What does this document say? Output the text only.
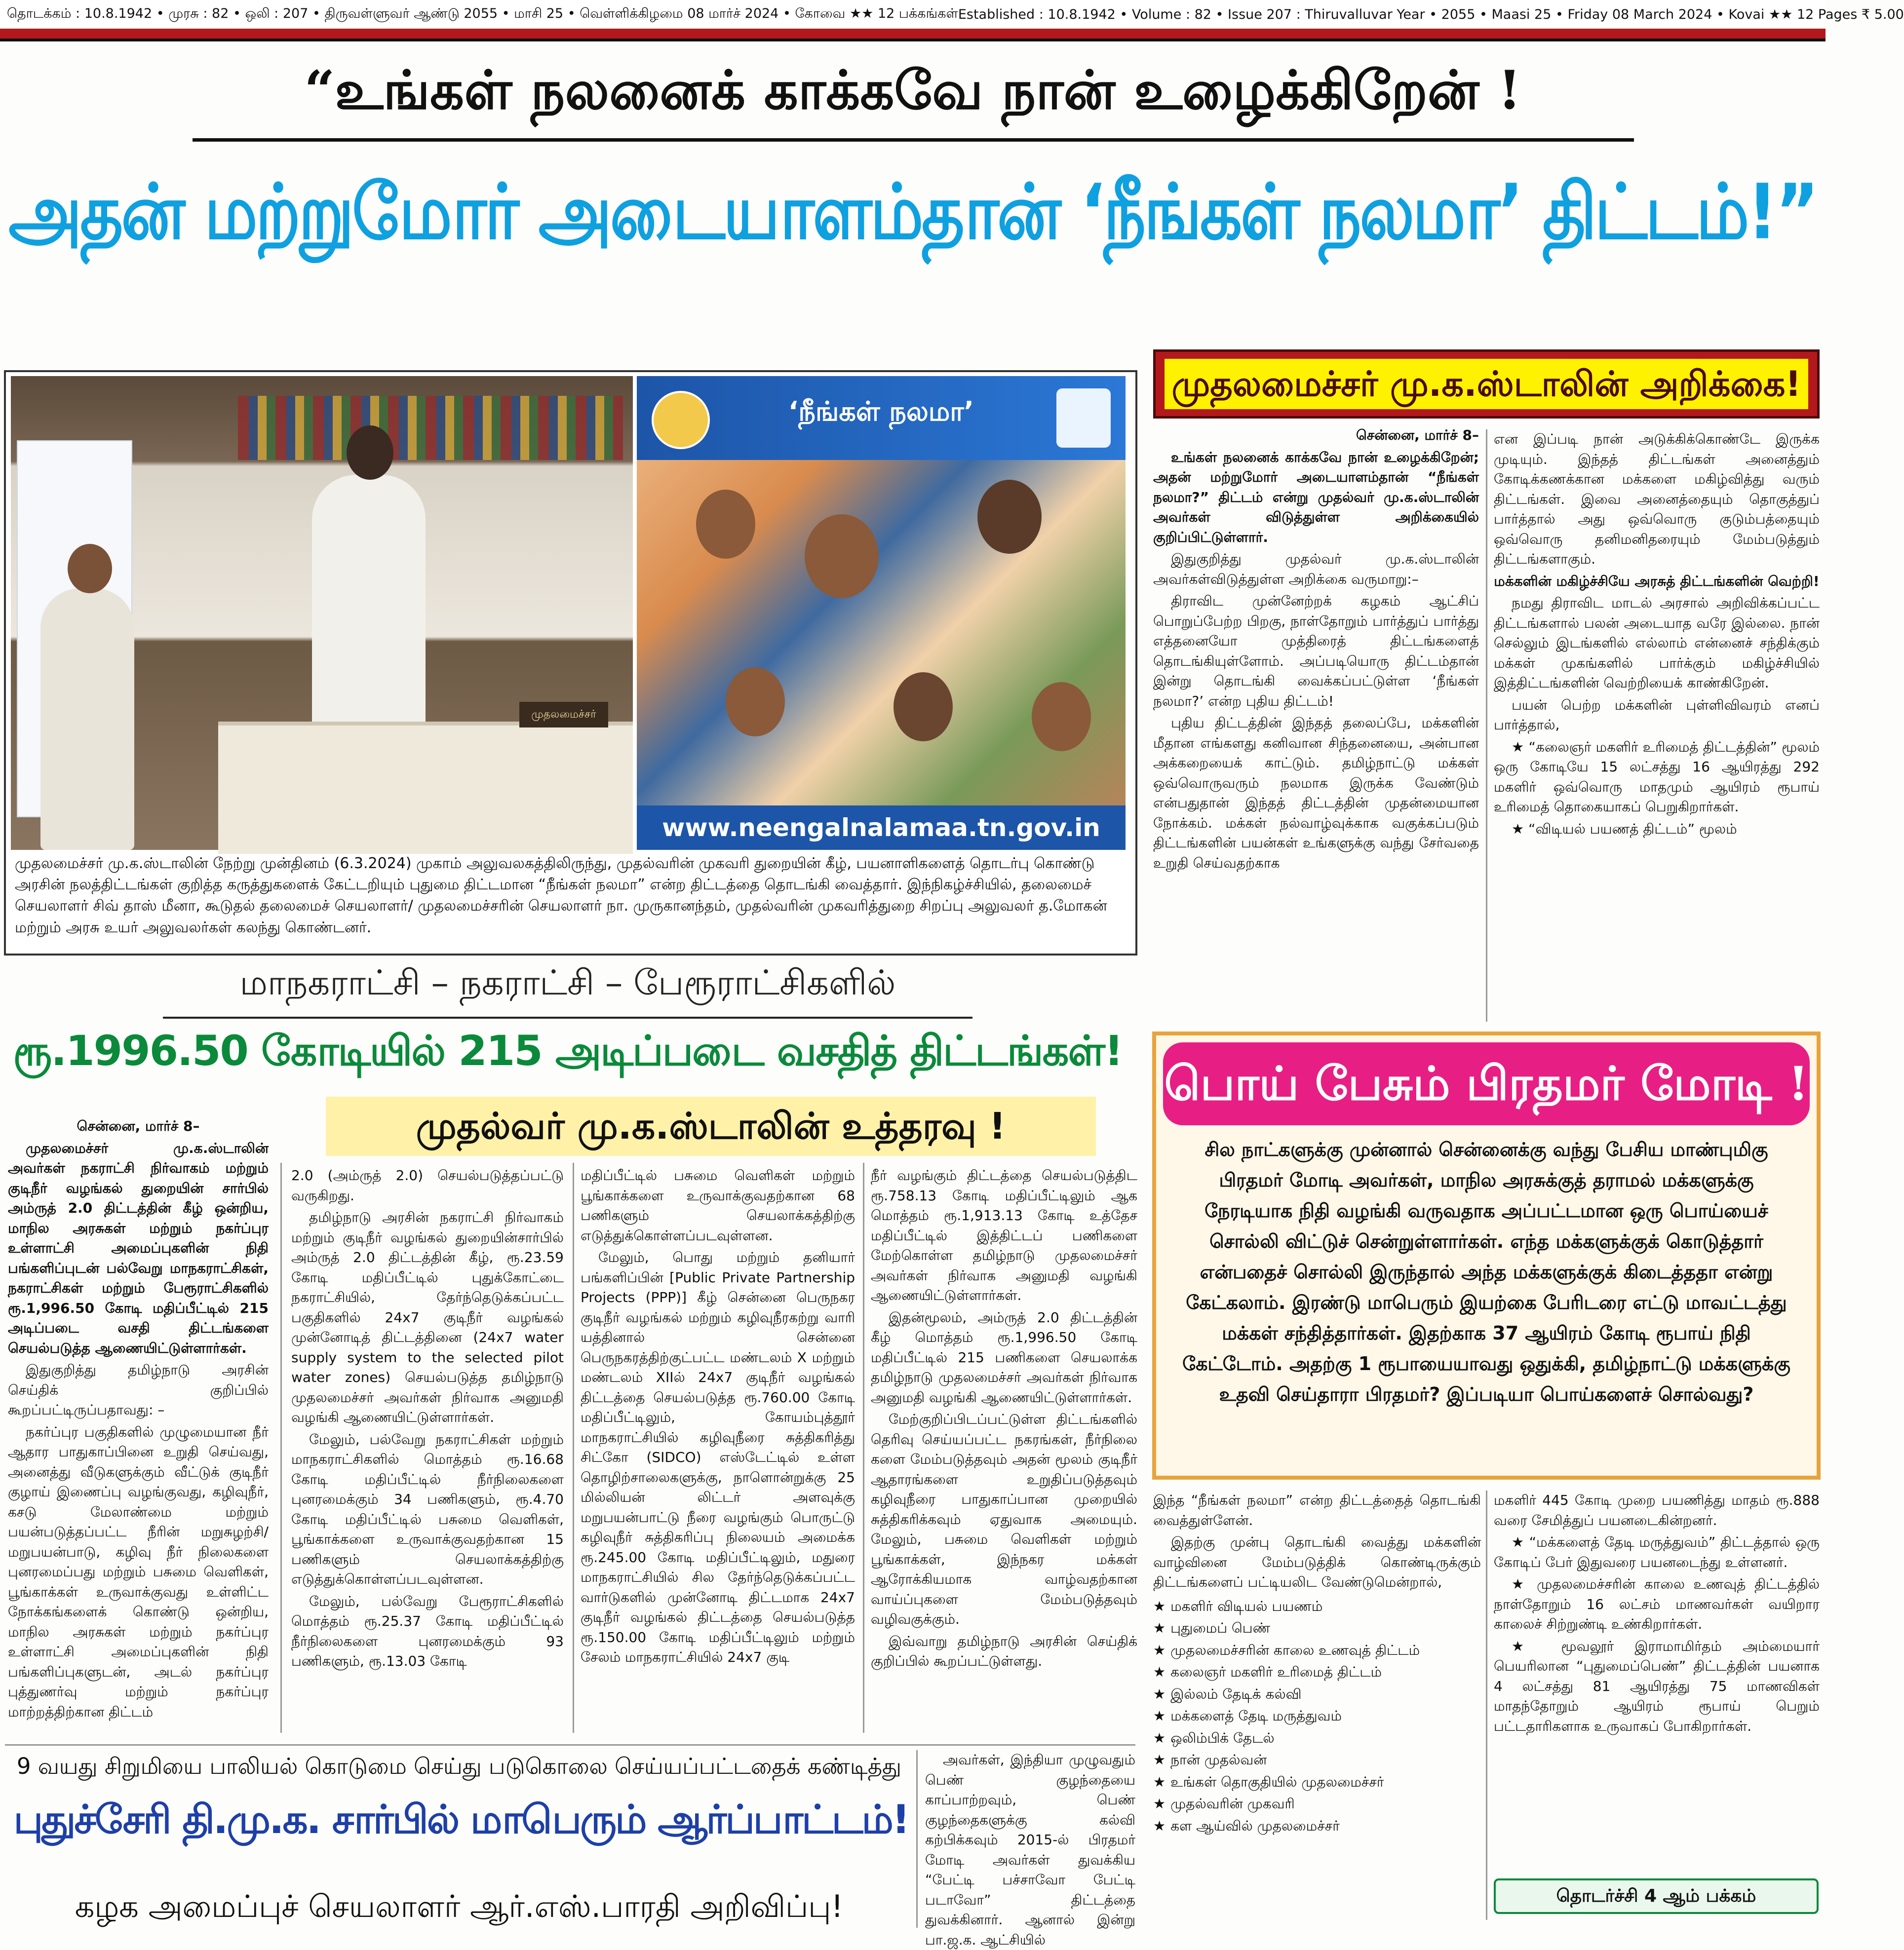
தொடக்கம் : 10.8.1942 • முரசு : 82 • ஒலி : 207 • திருவள்ளுவர் ஆண்டு 2055 • மாசி 25 • வெள்ளிக்கிழமை 08 மார்ச் 2024 • கோவை ★★ 12 பக்கங்கள் Established : 10.8.1942 • Volume : 82 • Issue 207 : Thiruvalluvar Year • 2055 • Maasi 25 • Friday 08 March 2024 • Kovai ★★ 12 Pages ₹ 5.00
“உங்கள் நலனைக் காக்கவே நான் உழைக்கிறேன் !
அதன் மற்றுமோர் அடையாளம்தான் ‘நீங்கள் நலமா’ திட்டம்!”
முதலமைச்சர்
‘நீங்கள் நலமா’
www.neengalnalamaa.tn.gov.in

முதலமைச்சர் மு.க.ஸ்டாலின் நேற்று முன்தினம் (6.3.2024) முகாம் அலுவலகத்திலிருந்து, முதல்வரின் முகவரி துறையின் கீழ், பயனாளிகளைத் தொடர்பு கொண்டு அரசின் நலத்திட்டங்கள் குறித்த கருத்துகளைக் கேட்டறியும் புதுமை திட்டமான “நீங்கள் நலமா” என்ற திட்டத்தை தொடங்கி வைத்தார். இந்நிகழ்ச்சியில், தலைமைச் செயலாளர் சிவ் தாஸ் மீனா, கூடுதல் தலைமைச் செயலாளர்/ முதலமைச்சரின் செயலாளர் நா. முருகானந்தம், முதல்வரின் முகவரித்துறை சிறப்பு அலுவலர் த.மோகன் மற்றும் அரசு உயர் அலுவலர்கள் கலந்து கொண்டனர்.

மாநகராட்சி – நகராட்சி – பேரூராட்சிகளில்
ரூ.1996.50 கோடியில் 215 அடிப்படை வசதித் திட்டங்கள்!
முதல்வர் மு.க.ஸ்டாலின் உத்தரவு !

சென்னை, மார்ச் 8–

முதலமைச்சர் மு.க.ஸ்டாலின் அவர்கள் நகராட்சி நிர்வாகம் மற்றும் குடிநீர் வழங்கல் துறையின் சார்பில் அம்ருத் 2.0 திட்டத்தின் கீழ் ஒன்றிய, மாநில அரசுகள் மற்றும் நகர்ப்புர உள்ளாட்சி அமைப்புகளின் நிதி பங்களிப்புடன் பல்வேறு மாநகராட்சிகள், நகராட்சிகள் மற்றும் பேரூராட்சிகளில் ரூ.1,996.50 கோடி மதிப்பீட்டில் 215 அடிப்படை வசதி திட்டங்களை செயல்படுத்த ஆணையிட்டுள்ளார்கள்.

இதுகுறித்து தமிழ்நாடு அரசின் செய்திக் குறிப்பில் கூறப்பட்டிருப்பதாவது: –

நகர்ப்புர பகுதிகளில் முழுமையான நீர் ஆதார பாதுகாப்பினை உறுதி செய்வது, அனைத்து வீடுகளுக்கும் வீட்டுக் குடிநீர் குழாய் இணைப்பு வழங்குவது, கழிவுநீர், கசடு மேலாண்மை மற்றும் பயன்படுத்தப்பட்ட நீரின் மறுசுழற்சி/மறுபயன்பாடு, கழிவு நீர் நிலைகளை புனரமைப்பது மற்றும் பசுமை வெளிகள், பூங்காக்கள் உருவாக்குவது உள்ளிட்ட நோக்கங்களைக் கொண்டு ஒன்றிய, மாநில அரசுகள் மற்றும் நகர்ப்புர உள்ளாட்சி அமைப்புகளின் நிதி பங்களிப்புகளுடன், அடல் நகர்ப்புர புத்துணர்வு மற்றும் நகர்ப்புர மாற்றத்திற்கான திட்டம்

2.0 (அம்ருத் 2.0) செயல்படுத்தப்பட்டு வருகிறது.

தமிழ்நாடு அரசின் நகராட்சி நிர்வாகம் மற்றும் குடிநீர் வழங்கல் துறையின்சார்பில் அம்ருத் 2.0 திட்டத்தின் கீழ், ரூ.23.59 கோடி மதிப்பீட்டில் புதுக்கோட்டை நகராட்சியில், தேர்ந்தெடுக்கப்பட்ட பகுதிகளில் 24x7 குடிநீர் வழங்கல் முன்னோடித் திட்டத்தினை (24x7 water supply system to the selected pilot water zones) செயல்படுத்த தமிழ்நாடு முதலமைச்சர் அவர்கள் நிர்வாக அனுமதி வழங்கி ஆணையிட்டுள்ளார்கள்.

மேலும், பல்வேறு நகராட்சிகள் மற்றும் மாநகராட்சிகளில் மொத்தம் ரூ.16.68 கோடி மதிப்பீட்டில் நீர்நிலைகளை புனரமைக்கும் 34 பணிகளும், ரூ.4.70 கோடி மதிப்பீட்டில் பசுமை வெளிகள், பூங்காக்களை உருவாக்குவதற்கான 15 பணிகளும் செயலாக்கத்திற்கு எடுத்துக்கொள்ளப்படவுள்ளன.

மேலும், பல்வேறு பேரூராட்சிகளில் மொத்தம் ரூ.25.37 கோடி மதிப்பீட்டில் நீர்நிலைகளை புனரமைக்கும் 93 பணிகளும், ரூ.13.03 கோடி

மதிப்பீட்டில் பசுமை வெளிகள் மற்றும் பூங்காக்களை உருவாக்குவதற்கான 68 பணிகளும் செயலாக்கத்திற்கு எடுத்துக்கொள்ளப்படவுள்ளன.

மேலும், பொது மற்றும் தனியார் பங்களிப்பின் [Public Private Partnership Projects (PPP)] கீழ் சென்னை பெருநகர குடிநீர் வழங்கல் மற்றும் கழிவுநீரகற்று வாரி யத்தினால் சென்னை பெருநகரத்திற்குட்பட்ட மண்டலம் X மற்றும் மண்டலம் XIIல் 24x7 குடிநீர் வழங்கல் திட்டத்தை செயல்படுத்த ரூ.760.00 கோடி மதிப்பீட்டிலும், கோயம்புத்தூர் மாநகராட்சியில் கழிவுநீரை சுத்திகரித்து சிட்கோ (SIDCO) எஸ்டேட்டில் உள்ள தொழிற்சாலைகளுக்கு, நாளொன்றுக்கு 25 மில்லியன் லிட்டர் அளவுக்கு மறுபயன்பாட்டு நீரை வழங்கும் பொருட்டு கழிவுநீர் சுத்திகரிப்பு நிலையம் அமைக்க ரூ.245.00 கோடி மதிப்பீட்டிலும், மதுரை மாநகராட்சியில் சில தேர்ந்தெடுக்கப்பட்ட வார்டுகளில் முன்னோடி திட்டமாக 24x7 குடிநீர் வழங்கல் திட்டத்தை செயல்படுத்த ரூ.150.00 கோடி மதிப்பீட்டிலும் மற்றும் சேலம் மாநகராட்சியில் 24x7 குடி

நீர் வழங்கும் திட்டத்தை செயல்படுத்திட ரூ.758.13 கோடி மதிப்பீட்டிலும் ஆக மொத்தம் ரூ.1,913.13 கோடி உத்தேச மதிப்பீட்டில் இத்திட்டப் பணிகளை மேற்கொள்ள தமிழ்நாடு முதலமைச்சர் அவர்கள் நிர்வாக அனுமதி வழங்கி ஆணையிட்டுள்ளார்கள்.

இதன்மூலம், அம்ருத் 2.0 திட்டத்தின் கீழ் மொத்தம் ரூ.1,996.50 கோடி மதிப்பீட்டில் 215 பணிகளை செயலாக்க தமிழ்நாடு முதலமைச்சர் அவர்கள் நிர்வாக அனுமதி வழங்கி ஆணையிட்டுள்ளார்கள்.

மேற்குறிப்பிடப்பட்டுள்ள திட்டங்களில் தெரிவு செய்யப்பட்ட நகரங்கள், நீர்நிலை களை மேம்படுத்தவும் அதன் மூலம் குடிநீர் ஆதாரங்களை உறுதிப்படுத்தவும் கழிவுநீரை பாதுகாப்பான முறையில் சுத்திகரிக்கவும் ஏதுவாக அமையும். மேலும், பசுமை வெளிகள் மற்றும் பூங்காக்கள், இந்நகர மக்கள் ஆரோக்கியமாக வாழ்வதற்கான வாய்ப்புகளை மேம்படுத்தவும் வழிவகுக்கும்.

இவ்வாறு தமிழ்நாடு அரசின் செய்திக் குறிப்பில் கூறப்பட்டுள்ளது.

முதலமைச்சர் மு.க.ஸ்டாலின் அறிக்கை!

சென்னை, மார்ச் 8–

உங்கள் நலனைக் காக்கவே நான் உழைக்கிறேன்; அதன் மற்றுமோர் அடையாளம்தான் “நீங்கள் நலமா?” திட்டம் என்று முதல்வர் மு.க.ஸ்டாலின் அவர்கள் விடுத்துள்ள அறிக்கையில் குறிப்பிட்டுள்ளார்.

இதுகுறித்து முதல்வர் மு.க.ஸ்டாலின் அவர்கள்விடுத்துள்ள அறிக்கை வருமாறு:–

திராவிட முன்னேற்றக் கழகம் ஆட்சிப் பொறுப்பேற்ற பிறகு, நாள்தோறும் பார்த்துப் பார்த்து எத்தனையோ முத்திரைத் திட்டங்களைத் தொடங்கியுள்ளோம். அப்படியொரு திட்டம்தான் இன்று தொடங்கி வைக்கப்பட்டுள்ள ‘நீங்கள் நலமா?’ என்ற புதிய திட்டம்!

புதிய திட்டத்தின் இந்தத் தலைப்பே, மக்களின் மீதான எங்களது கனிவான சிந்தனையை, அன்பான அக்கறையைக் காட்டும். தமிழ்நாட்டு மக்கள் ஒவ்வொருவரும் நலமாக இருக்க வேண்டும் என்பதுதான் இந்தத் திட்டத்தின் முதன்மையான நோக்கம். மக்கள் நல்வாழ்வுக்காக வகுக்கப்படும் திட்டங்களின் பயன்கள் உங்களுக்கு வந்து சேர்வதை உறுதி செய்வதற்காக

என இப்படி நான் அடுக்கிக்கொண்டே இருக்க முடியும். இந்தத் திட்டங்கள் அனைத்தும் கோடிக்கணக்கான மக்களை மகிழ்வித்து வரும் திட்டங்கள். இவை அனைத்தையும் தொகுத்துப் பார்த்தால் அது ஒவ்வொரு குடும்பத்தையும் ஒவ்வொரு தனிமனிதரையும் மேம்படுத்தும் திட்டங்களாகும்.

மக்களின் மகிழ்ச்சியே அரசுத் திட்டங்களின் வெற்றி!

நமது திராவிட மாடல் அரசால் அறிவிக்கப்பட்ட திட்டங்களால் பலன் அடையாத வரே இல்லை. நான் செல்லும் இடங்களில் எல்லாம் என்னைச் சந்திக்கும் மக்கள் முகங்களில் பார்க்கும் மகிழ்ச்சியில் இத்திட்டங்களின் வெற்றியைக் காண்கிறேன்.

பயன் பெற்ற மக்களின் புள்ளிவிவரம் எனப் பார்த்தால்,

★ “கலைஞர் மகளிர் உரிமைத் திட்டத்தின்” மூலம் ஒரு கோடியே 15 லட்சத்து 16 ஆயிரத்து 292 மகளிர் ஒவ்வொரு மாதமும் ஆயிரம் ரூபாய் உரிமைத் தொகையாகப் பெறுகிறார்கள்.

★ “விடியல் பயணத் திட்டம்” மூலம்

பொய் பேசும் பிரதமர் மோடி !

சில நாட்களுக்கு முன்னால் சென்னைக்கு வந்து பேசிய மாண்புமிகு பிரதமர் மோடி அவர்கள், மாநில அரசுக்குத் தராமல் மக்களுக்கு நேரடியாக நிதி வழங்கி வருவதாக அப்பட்டமான ஒரு பொய்யைச் சொல்லி விட்டுச் சென்றுள்ளார்கள். எந்த மக்களுக்குக் கொடுத்தார் என்பதைச் சொல்லி இருந்தால் அந்த மக்களுக்குக் கிடைத்ததா என்று கேட்கலாம். இரண்டு மாபெரும் இயற்கை பேரிடரை எட்டு மாவட்டத்து மக்கள் சந்தித்தார்கள். இதற்காக 37 ஆயிரம் கோடி ரூபாய் நிதி கேட்டோம். அதற்கு 1 ரூபாயையாவது ஒதுக்கி, தமிழ்நாட்டு மக்களுக்கு உதவி செய்தாரா பிரதமர்? இப்படியா பொய்களைச் சொல்வது?

இந்த “நீங்கள் நலமா” என்ற திட்டத்தைத் தொடங்கி வைத்துள்ளேன்.

இதற்கு முன்பு தொடங்கி வைத்து மக்களின் வாழ்வினை மேம்படுத்திக் கொண்டிருக்கும் திட்டங்களைப் பட்டியலிட வேண்டுமென்றால்,

★ மகளிர் விடியல் பயணம்
★ புதுமைப் பெண்
★ முதலமைச்சரின் காலை உணவுத் திட்டம்
★ கலைஞர் மகளிர் உரிமைத் திட்டம்
★ இல்லம் தேடிக் கல்வி
★ மக்களைத் தேடி மருத்துவம்
★ ஒலிம்பிக் தேடல்
★ நான் முதல்வன்
★ உங்கள் தொகுதியில் முதலமைச்சர்
★ முதல்வரின் முகவரி
★ கள ஆய்வில் முதலமைச்சர்

மகளிர் 445 கோடி முறை பயணித்து மாதம் ரூ.888 வரை சேமித்துப் பயனடைகின்றனர்.

★ “மக்களைத் தேடி மருத்துவம்” திட்டத்தால் ஒரு கோடிப் பேர் இதுவரை பயனடைந்து உள்ளனர்.

★ முதலமைச்சரின் காலை உணவுத் திட்டத்தில் நாள்தோறும் 16 லட்சம் மாணவர்கள் வயிறார காலைச் சிற்றுண்டி உண்கிறார்கள்.

★ மூவலூர் இராமாமிர்தம் அம்மையார் பெயரிலான “புதுமைப்பெண்” திட்டத்தின் பயனாக 4 லட்சத்து 81 ஆயிரத்து 75 மாணவிகள் மாதந்தோறும் ஆயிரம் ரூபாய் பெறும் பட்டதாரிகளாக உருவாகப் போகிறார்கள்.

தொடர்ச்சி 4 ஆம் பக்கம்
9 வயது சிறுமியை பாலியல் கொடுமை செய்து படுகொலை செய்யப்பட்டதைக் கண்டித்து
புதுச்சேரி தி.மு.க. சார்பில் மாபெரும் ஆர்ப்பாட்டம்!
கழக அமைப்புச் செயலாளர் ஆர்.எஸ்.பாரதி அறிவிப்பு!

அவர்கள், இந்தியா முழுவதும் பெண் குழந்தையை காப்பாற்றவும், பெண் குழந்தைகளுக்கு கல்வி கற்பிக்கவும் 2015-ல் பிரதமர் மோடி அவர்கள் துவக்கிய “பேட்டி பச்சாவோ பேட்டி படாவோ” திட்டத்தை துவக்கினார். ஆனால் இன்று பா.ஜ.க. ஆட்சியில்
